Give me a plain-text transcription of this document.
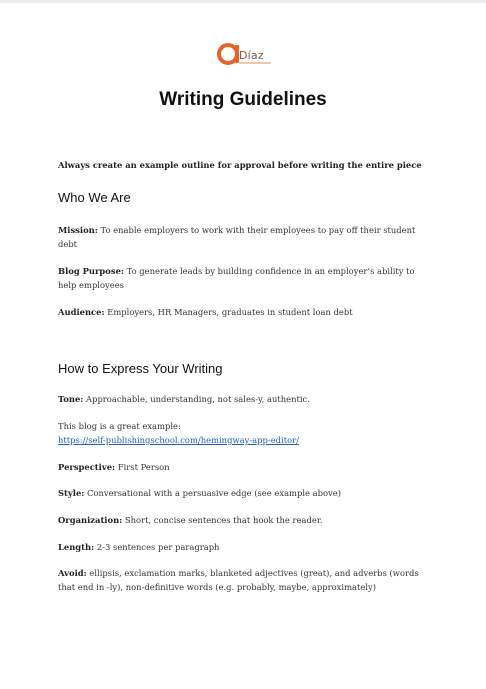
Díaz
Writing Guidelines
Always create an example outline for approval before writing the entire piece
Who We Are
Mission: To enable employers to work with their employees to pay off their student debt
Blog Purpose: To generate leads by building confidence in an employer’s ability to help employees
Audience: Employers, HR Managers, graduates in student loan debt
How to Express Your Writing
Tone: Approachable, understanding, not sales-y, authentic.
This blog is a great example:
https://self-publishingschool.com/hemingway-app-editor/
Perspective: First Person
Style: Conversational with a persuasive edge (see example above)
Organization: Short, concise sentences that hook the reader.
Length: 2-3 sentences per paragraph
Avoid: ellipsis, exclamation marks, blanketed adjectives (great), and adverbs (words that end in -ly), non-definitive words (e.g. probably, maybe, approximately)
